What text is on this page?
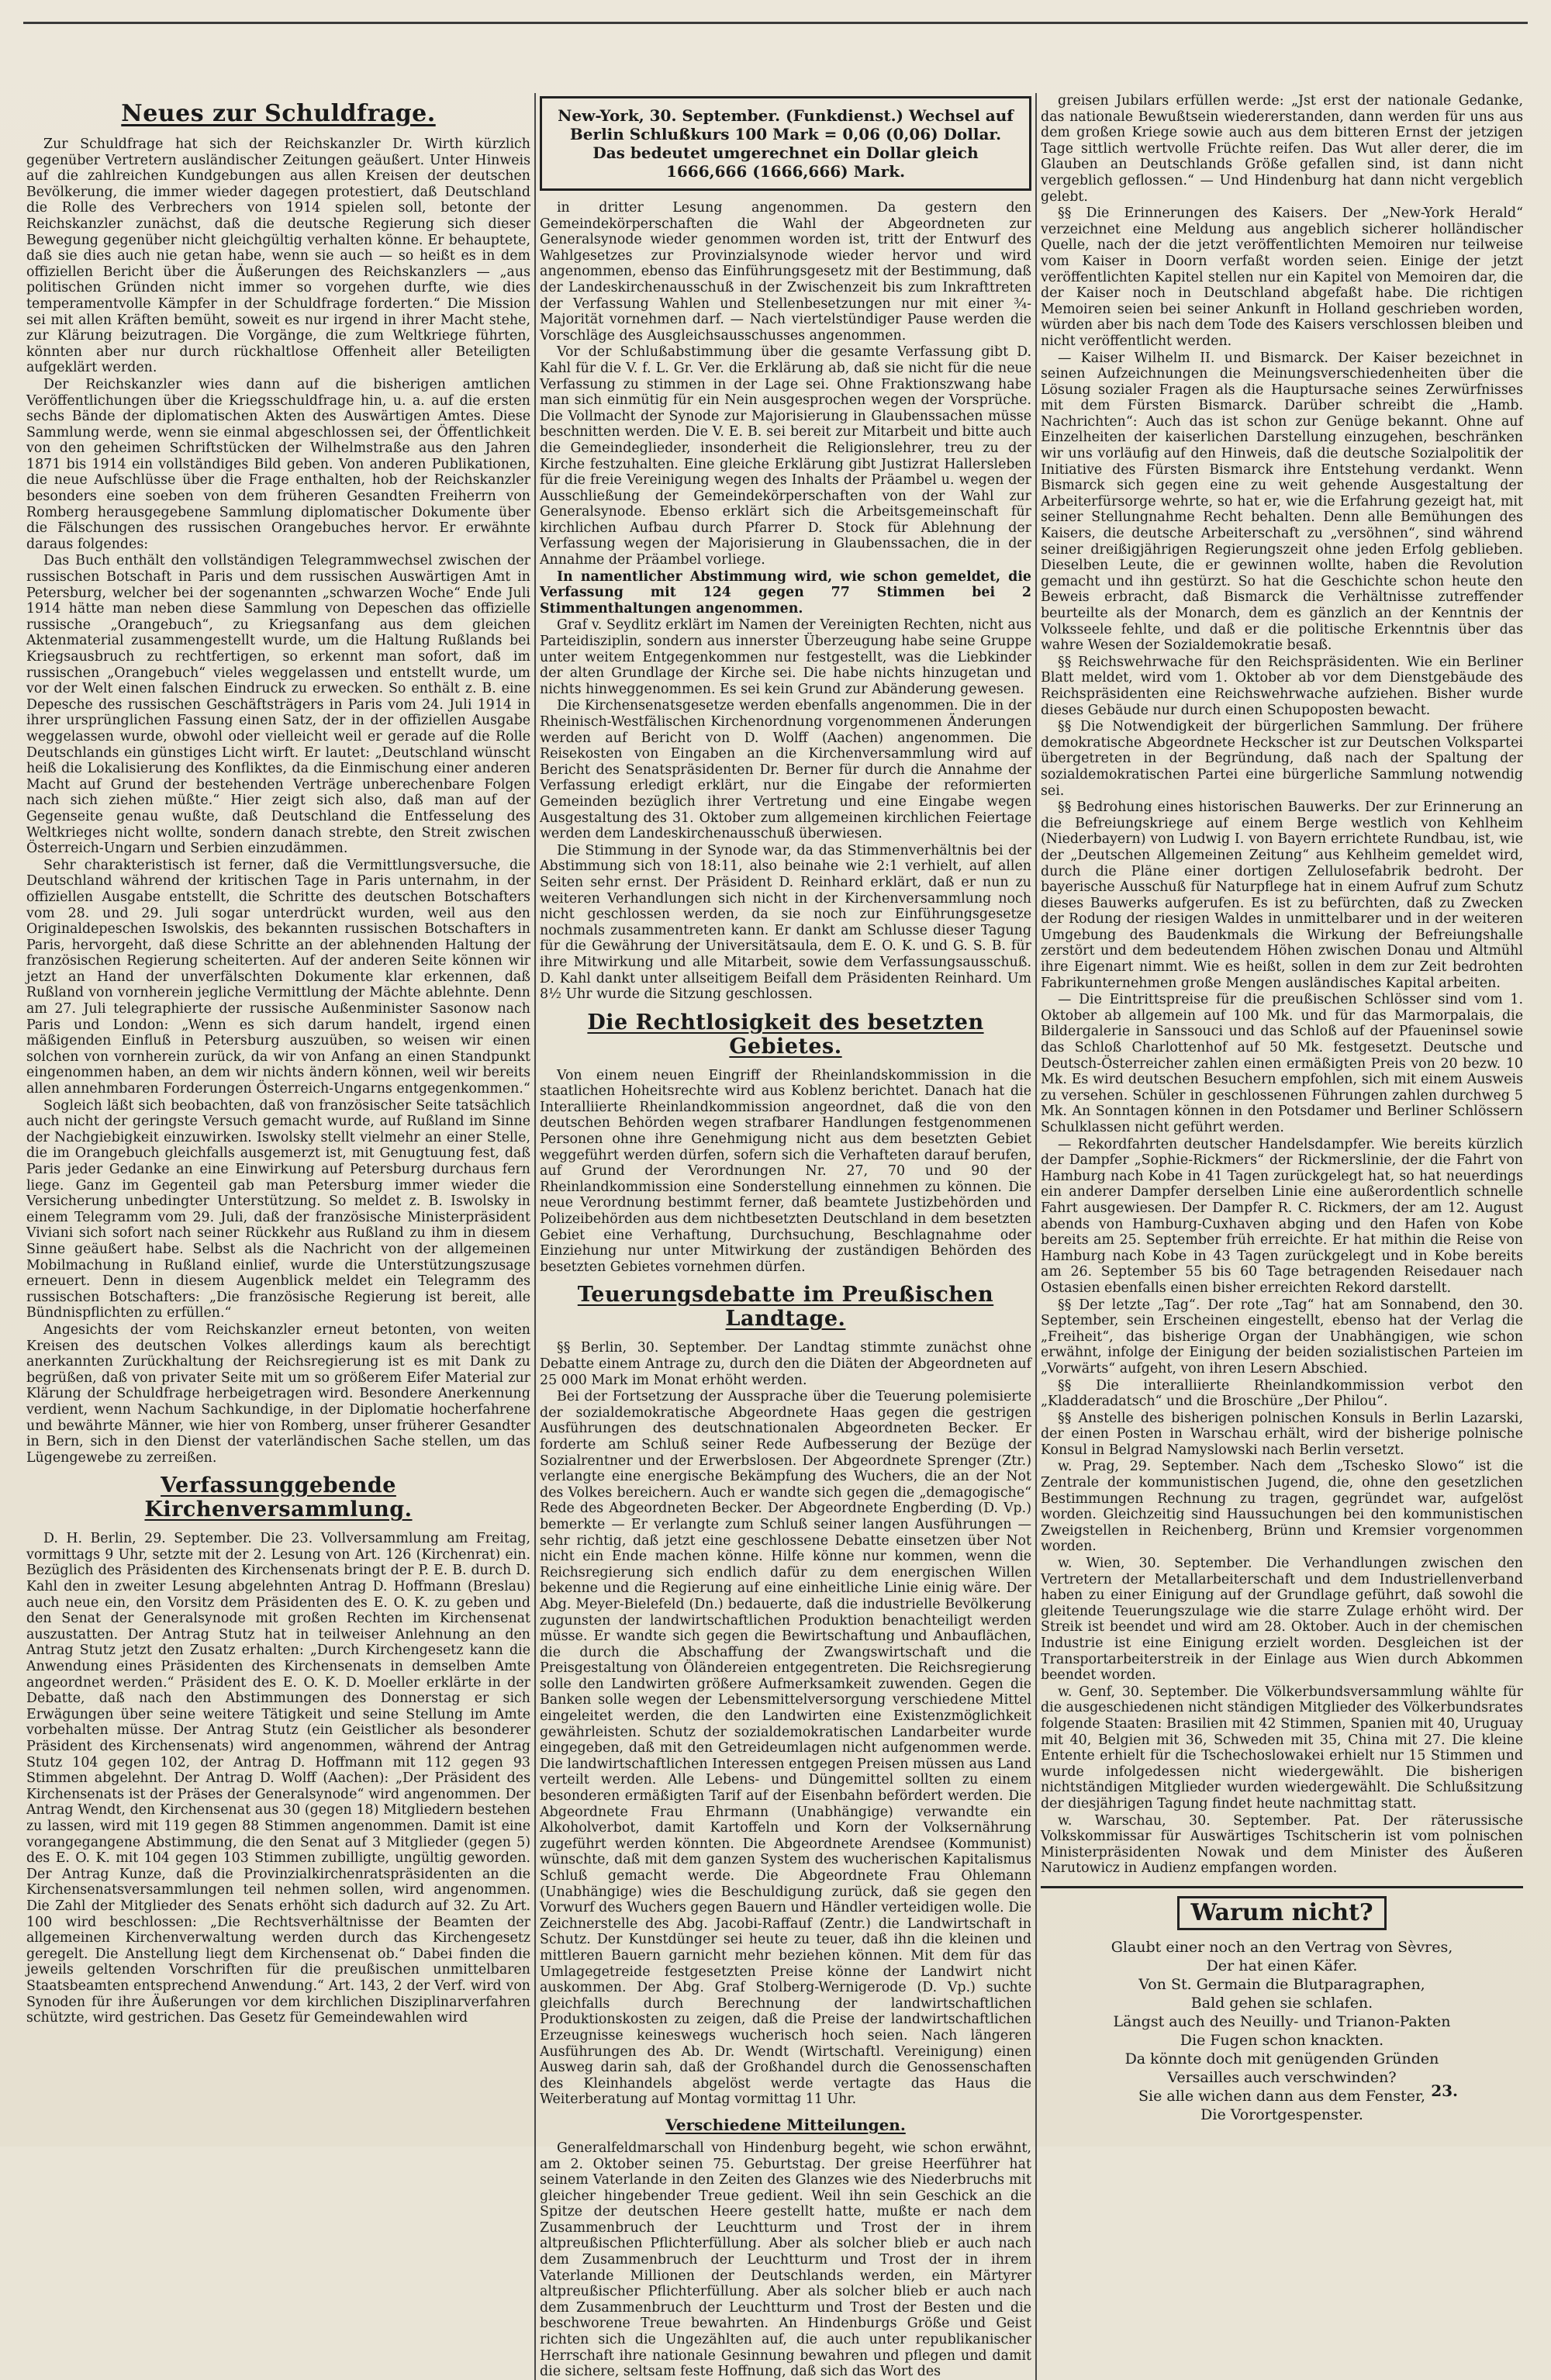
Neues zur Schuldfrage.

Zur Schuldfrage hat sich der Reichskanzler Dr. Wirth kürzlich gegenüber Vertretern ausländischer Zeitungen geäußert. Unter Hinweis auf die zahlreichen Kundgebungen aus allen Kreisen der deutschen Bevölkerung, die immer wieder dagegen protestiert, daß Deutschland die Rolle des Verbrechers von 1914 spielen soll, betonte der Reichskanzler zunächst, daß die deutsche Regierung sich dieser Bewegung gegenüber nicht gleichgültig verhalten könne. Er behauptete, daß sie dies auch nie getan habe, wenn sie auch — so heißt es in dem offiziellen Bericht über die Äußerungen des Reichskanzlers — „aus politischen Gründen nicht immer so vorgehen durfte, wie dies temperamentvolle Kämpfer in der Schuldfrage forderten.“ Die Mission sei mit allen Kräften bemüht, soweit es nur irgend in ihrer Macht stehe, zur Klärung beizutragen. Die Vorgänge, die zum Weltkriege führten, könnten aber nur durch rückhaltlose Offenheit aller Beteiligten aufgeklärt werden.

Der Reichskanzler wies dann auf die bisherigen amtlichen Veröffentlichungen über die Kriegsschuldfrage hin, u. a. auf die ersten sechs Bände der diplomatischen Akten des Auswärtigen Amtes. Diese Sammlung werde, wenn sie einmal abgeschlossen sei, der Öffentlichkeit von den geheimen Schriftstücken der Wilhelmstraße aus den Jahren 1871 bis 1914 ein vollständiges Bild geben. Von anderen Publikationen, die neue Aufschlüsse über die Frage enthalten, hob der Reichskanzler besonders eine soeben von dem früheren Gesandten Freiherrn von Romberg herausgegebene Sammlung diplomatischer Dokumente über die Fälschungen des russischen Orangebuches hervor. Er erwähnte daraus folgendes:

Das Buch enthält den vollständigen Telegrammwechsel zwischen der russischen Botschaft in Paris und dem russischen Auswärtigen Amt in Petersburg, welcher bei der sogenannten „schwarzen Woche“ Ende Juli 1914 hätte man neben diese Sammlung von Depeschen das offizielle russische „Orangebuch“, zu Kriegsanfang aus dem gleichen Aktenmaterial zusammengestellt wurde, um die Haltung Rußlands bei Kriegsausbruch zu rechtfertigen, so erkennt man sofort, daß im russischen „Orangebuch“ vieles weggelassen und entstellt wurde, um vor der Welt einen falschen Eindruck zu erwecken. So enthält z. B. eine Depesche des russischen Geschäftsträgers in Paris vom 24. Juli 1914 in ihrer ursprünglichen Fassung einen Satz, der in der offiziellen Ausgabe weggelassen wurde, obwohl oder vielleicht weil er gerade auf die Rolle Deutschlands ein günstiges Licht wirft. Er lautet: „Deutschland wünscht heiß die Lokalisierung des Konfliktes, da die Einmischung einer anderen Macht auf Grund der bestehenden Verträge unberechenbare Folgen nach sich ziehen müßte.“ Hier zeigt sich also, daß man auf der Gegenseite genau wußte, daß Deutschland die Entfesselung des Weltkrieges nicht wollte, sondern danach strebte, den Streit zwischen Österreich-Ungarn und Serbien einzudämmen.

Sehr charakteristisch ist ferner, daß die Vermittlungsversuche, die Deutschland während der kritischen Tage in Paris unternahm, in der offiziellen Ausgabe entstellt, die Schritte des deutschen Botschafters vom 28. und 29. Juli sogar unterdrückt wurden, weil aus den Originaldepeschen Iswolskis, des bekannten russischen Botschafters in Paris, hervorgeht, daß diese Schritte an der ablehnenden Haltung der französischen Regierung scheiterten. Auf der anderen Seite können wir jetzt an Hand der unverfälschten Dokumente klar erkennen, daß Rußland von vornherein jegliche Vermittlung der Mächte ablehnte. Denn am 27. Juli telegraphierte der russische Außenminister Sasonow nach Paris und London: „Wenn es sich darum handelt, irgend einen mäßigenden Einfluß in Petersburg auszuüben, so weisen wir einen solchen von vornherein zurück, da wir von Anfang an einen Standpunkt eingenommen haben, an dem wir nichts ändern können, weil wir bereits allen annehmbaren Forderungen Österreich-Ungarns entgegenkommen.“

Sogleich läßt sich beobachten, daß von französischer Seite tatsächlich auch nicht der geringste Versuch gemacht wurde, auf Rußland im Sinne der Nachgiebigkeit einzuwirken. Iswolsky stellt vielmehr an einer Stelle, die im Orangebuch gleichfalls ausgemerzt ist, mit Genugtuung fest, daß Paris jeder Gedanke an eine Einwirkung auf Petersburg durchaus fern liege. Ganz im Gegenteil gab man Petersburg immer wieder die Versicherung unbedingter Unterstützung. So meldet z. B. Iswolsky in einem Telegramm vom 29. Juli, daß der französische Ministerpräsident Viviani sich sofort nach seiner Rückkehr aus Rußland zu ihm in diesem Sinne geäußert habe. Selbst als die Nachricht von der allgemeinen Mobilmachung in Rußland einlief, wurde die Unterstützungszusage erneuert. Denn in diesem Augenblick meldet ein Telegramm des russischen Botschafters: „Die französische Regierung ist bereit, alle Bündnispflichten zu erfüllen.“

Angesichts der vom Reichskanzler erneut betonten, von weiten Kreisen des deutschen Volkes allerdings kaum als berechtigt anerkannten Zurückhaltung der Reichsregierung ist es mit Dank zu begrüßen, daß von privater Seite mit um so größerem Eifer Material zur Klärung der Schuldfrage herbeigetragen wird. Besondere Anerkennung verdient, wenn Nachum Sachkundige, in der Diplomatie hocherfahrene und bewährte Männer, wie hier von Romberg, unser früherer Gesandter in Bern, sich in den Dienst der vaterländischen Sache stellen, um das Lügengewebe zu zerreißen.

Verfassunggebende Kirchenversammlung.

D. H. Berlin, 29. September. Die 23. Vollversammlung am Freitag, vormittags 9 Uhr, setzte mit der 2. Lesung von Art. 126 (Kirchenrat) ein. Bezüglich des Präsidenten des Kirchensenats bringt der P. E. B. durch D. Kahl den in zweiter Lesung abgelehnten Antrag D. Hoffmann (Breslau) auch neue ein, den Vorsitz dem Präsidenten des E. O. K. zu geben und den Senat der Generalsynode mit großen Rechten im Kirchensenat auszustatten. Der Antrag Stutz hat in teilweiser Anlehnung an den Antrag Stutz jetzt den Zusatz erhalten: „Durch Kirchengesetz kann die Anwendung eines Präsidenten des Kirchensenats in demselben Amte angeordnet werden.“ Präsident des E. O. K. D. Moeller erklärte in der Debatte, daß nach den Abstimmungen des Donnerstag er sich Erwägungen über seine weitere Tätigkeit und seine Stellung im Amte vorbehalten müsse. Der Antrag Stutz (ein Geistlicher als besonderer Präsident des Kirchensenats) wird angenommen, während der Antrag Stutz 104 gegen 102, der Antrag D. Hoffmann mit 112 gegen 93 Stimmen abgelehnt. Der Antrag D. Wolff (Aachen): „Der Präsident des Kirchensenats ist der Präses der Generalsynode“ wird angenommen. Der Antrag Wendt, den Kirchensenat aus 30 (gegen 18) Mitgliedern bestehen zu lassen, wird mit 119 gegen 88 Stimmen angenommen. Damit ist eine vorangegangene Abstimmung, die den Senat auf 3 Mitglieder (gegen 5) des E. O. K. mit 104 gegen 103 Stimmen zubilligte, ungültig geworden. Der Antrag Kunze, daß die Provinzialkirchenratspräsidenten an die Kirchensenatsversammlungen teil nehmen sollen, wird angenommen. Die Zahl der Mitglieder des Senats erhöht sich dadurch auf 32. Zu Art. 100 wird beschlossen: „Die Rechtsverhältnisse der Beamten der allgemeinen Kirchenverwaltung werden durch das Kirchengesetz geregelt. Die Anstellung liegt dem Kirchensenat ob.“ Dabei finden die jeweils geltenden Vorschriften für die preußischen unmittelbaren Staatsbeamten entsprechend Anwendung.“ Art. 143, 2 der Verf. wird von Synoden für ihre Äußerungen vor dem kirchlichen Disziplinarverfahren schützte, wird gestrichen. Das Gesetz für Gemeindewahlen wird

New-York, 30. September. (Funkdienst.) Wechsel auf Berlin Schlußkurs 100 Mark = 0,06 (0,06) Dollar. Das bedeutet umgerechnet ein Dollar gleich 1666,666 (1666,666) Mark.

in dritter Lesung angenommen. Da gestern den Gemeindekörperschaften die Wahl der Abgeordneten zur Generalsynode wieder genommen worden ist, tritt der Entwurf des Wahlgesetzes zur Provinzialsynode wieder hervor und wird angenommen, ebenso das Einführungsgesetz mit der Bestimmung, daß der Landeskirchenausschuß in der Zwischenzeit bis zum Inkrafttreten der Verfassung Wahlen und Stellenbesetzungen nur mit einer ¾-Majorität vornehmen darf. — Nach viertelstündiger Pause werden die Vorschläge des Ausgleichsausschusses angenommen.

Vor der Schlußabstimmung über die gesamte Verfassung gibt D. Kahl für die V. f. L. Gr. Ver. die Erklärung ab, daß sie nicht für die neue Verfassung zu stimmen in der Lage sei. Ohne Fraktionszwang habe man sich einmütig für ein Nein ausgesprochen wegen der Vorsprüche. Die Vollmacht der Synode zur Majorisierung in Glaubenssachen müsse beschnitten werden. Die V. E. B. sei bereit zur Mitarbeit und bitte auch die Gemeindeglieder, insonderheit die Religionslehrer, treu zu der Kirche festzuhalten. Eine gleiche Erklärung gibt Justizrat Hallersleben für die freie Vereinigung wegen des Inhalts der Präambel u. wegen der Ausschließung der Gemeindekörperschaften von der Wahl zur Generalsynode. Ebenso erklärt sich die Arbeitsgemeinschaft für kirchlichen Aufbau durch Pfarrer D. Stock für Ablehnung der Verfassung wegen der Majorisierung in Glaubenssachen, die in der Annahme der Präambel vorliege.

In namentlicher Abstimmung wird, wie schon gemeldet, die Verfassung mit 124 gegen 77 Stimmen bei 2 Stimmenthaltungen angenommen.

Graf v. Seydlitz erklärt im Namen der Vereinigten Rechten, nicht aus Parteidisziplin, sondern aus innerster Überzeugung habe seine Gruppe unter weitem Entgegenkommen nur festgestellt, was die Liebkinder der alten Grundlage der Kirche sei. Die habe nichts hinzugetan und nichts hinweggenommen. Es sei kein Grund zur Abänderung gewesen.

Die Kirchensenatsgesetze werden ebenfalls angenommen. Die in der Rheinisch-Westfälischen Kirchenordnung vorgenommenen Änderungen werden auf Bericht von D. Wolff (Aachen) angenommen. Die Reisekosten von Eingaben an die Kirchenversammlung wird auf Bericht des Senatspräsidenten Dr. Berner für durch die Annahme der Verfassung erledigt erklärt, nur die Eingabe der reformierten Gemeinden bezüglich ihrer Vertretung und eine Eingabe wegen Ausgestaltung des 31. Oktober zum allgemeinen kirchlichen Feiertage werden dem Landeskirchenausschuß überwiesen.

Die Stimmung in der Synode war, da das Stimmenverhältnis bei der Abstimmung sich von 18:11, also beinahe wie 2:1 verhielt, auf allen Seiten sehr ernst. Der Präsident D. Reinhard erklärt, daß er nun zu weiteren Verhandlungen sich nicht in der Kirchenversammlung noch nicht geschlossen werden, da sie noch zur Einführungsgesetze nochmals zusammentreten kann. Er dankt am Schlusse dieser Tagung für die Gewährung der Universitätsaula, dem E. O. K. und G. S. B. für ihre Mitwirkung und alle Mitarbeit, sowie dem Verfassungsausschuß. D. Kahl dankt unter allseitigem Beifall dem Präsidenten Reinhard. Um 8½ Uhr wurde die Sitzung geschlossen.

Die Rechtlosigkeit des besetzten Gebietes.

Von einem neuen Eingriff der Rheinlandskommission in die staatlichen Hoheitsrechte wird aus Koblenz berichtet. Danach hat die Interalliierte Rheinlandkommission angeordnet, daß die von den deutschen Behörden wegen strafbarer Handlungen festgenommenen Personen ohne ihre Genehmigung nicht aus dem besetzten Gebiet weggeführt werden dürfen, sofern sich die Verhafteten darauf berufen, auf Grund der Verordnungen Nr. 27, 70 und 90 der Rheinlandkommission eine Sonderstellung einnehmen zu können. Die neue Verordnung bestimmt ferner, daß beamtete Justizbehörden und Polizeibehörden aus dem nichtbesetzten Deutschland in dem besetzten Gebiet eine Verhaftung, Durchsuchung, Beschlagnahme oder Einziehung nur unter Mitwirkung der zuständigen Behörden des besetzten Gebietes vornehmen dürfen.

Teuerungsdebatte im Preußischen Landtage.

§§ Berlin, 30. September. Der Landtag stimmte zunächst ohne Debatte einem Antrage zu, durch den die Diäten der Abgeordneten auf 25 000 Mark im Monat erhöht werden.

Bei der Fortsetzung der Aussprache über die Teuerung polemisierte der sozialdemokratische Abgeordnete Haas gegen die gestrigen Ausführungen des deutschnationalen Abgeordneten Becker. Er forderte am Schluß seiner Rede Aufbesserung der Bezüge der Sozialrentner und der Erwerbslosen. Der Abgeordnete Sprenger (Ztr.) verlangte eine energische Bekämpfung des Wuchers, die an der Not des Volkes bereichern. Auch er wandte sich gegen die „demagogische“ Rede des Abgeordneten Becker. Der Abgeordnete Engberding (D. Vp.) bemerkte — Er verlangte zum Schluß seiner langen Ausführungen — sehr richtig, daß jetzt eine geschlossene Debatte einsetzen über Not nicht ein Ende machen könne. Hilfe könne nur kommen, wenn die Reichsregierung sich endlich dafür zu dem energischen Willen bekenne und die Regierung auf eine einheitliche Linie einig wäre. Der Abg. Meyer-Bielefeld (Dn.) bedauerte, daß die industrielle Bevölkerung zugunsten der landwirtschaftlichen Produktion benachteiligt werden müsse. Er wandte sich gegen die Bewirtschaftung und Anbauflächen, die durch die Abschaffung der Zwangswirtschaft und die Preisgestaltung von Öländereien entgegentreten. Die Reichsregierung solle den Landwirten größere Aufmerksamkeit zuwenden. Gegen die Banken solle wegen der Lebensmittelversorgung verschiedene Mittel eingeleitet werden, die den Landwirten eine Existenzmöglichkeit gewährleisten. Schutz der sozialdemokratischen Landarbeiter wurde eingegeben, daß mit den Getreideumlagen nicht aufgenommen werde. Die landwirtschaftlichen Interessen entgegen Preisen müssen aus Land verteilt werden. Alle Lebens- und Düngemittel sollten zu einem besonderen ermäßigten Tarif auf der Eisenbahn befördert werden. Die Abgeordnete Frau Ehrmann (Unabhängige) verwandte ein Alkoholverbot, damit Kartoffeln und Korn der Volksernährung zugeführt werden könnten. Die Abgeordnete Arendsee (Kommunist) wünschte, daß mit dem ganzen System des wucherischen Kapitalismus Schluß gemacht werde. Die Abgeordnete Frau Ohlemann (Unabhängige) wies die Beschuldigung zurück, daß sie gegen den Vorwurf des Wuchers gegen Bauern und Händler verteidigen wolle. Die Zeichnerstelle des Abg. Jacobi-Raffauf (Zentr.) die Landwirtschaft in Schutz. Der Kunstdünger sei heute zu teuer, daß ihn die kleinen und mittleren Bauern garnicht mehr beziehen können. Mit dem für das Umlagegetreide festgesetzten Preise könne der Landwirt nicht auskommen. Der Abg. Graf Stolberg-Wernigerode (D. Vp.) suchte gleichfalls durch Berechnung der landwirtschaftlichen Produktionskosten zu zeigen, daß die Preise der landwirtschaftlichen Erzeugnisse keineswegs wucherisch hoch seien. Nach längeren Ausführungen des Ab. Dr. Wendt (Wirtschaftl. Vereinigung) einen Ausweg darin sah, daß der Großhandel durch die Genossenschaften des Kleinhandels abgelöst werde vertagte das Haus die Weiterberatung auf Montag vormittag 11 Uhr.

Verschiedene Mitteilungen.

Generalfeldmarschall von Hindenburg begeht, wie schon erwähnt, am 2. Oktober seinen 75. Geburtstag. Der greise Heerführer hat seinem Vaterlande in den Zeiten des Glanzes wie des Niederbruchs mit gleicher hingebender Treue gedient. Weil ihn sein Geschick an die Spitze der deutschen Heere gestellt hatte, mußte er nach dem Zusammenbruch der Leuchtturm und Trost der in ihrem altpreußischen Pflichterfüllung. Aber als solcher blieb er auch nach dem Zusammenbruch der Leuchtturm und Trost der in ihrem Vaterlande Millionen der Deutschlands werden, ein Märtyrer altpreußischer Pflichterfüllung. Aber als solcher blieb er auch nach dem Zusammenbruch der Leuchtturm und Trost der Besten und die beschworene Treue bewahrten. An Hindenburgs Größe und Geist richten sich die Ungezählten auf, die auch unter republikanischer Herrschaft ihre nationale Gesinnung bewahren und pflegen und damit die sichere, seltsam feste Hoffnung, daß sich das Wort des

greisen Jubilars erfüllen werde: „Jst erst der nationale Gedanke, das nationale Bewußtsein wiedererstanden, dann werden für uns aus dem großen Kriege sowie auch aus dem bitteren Ernst der jetzigen Tage sittlich wertvolle Früchte reifen. Das Wut aller derer, die im Glauben an Deutschlands Größe gefallen sind, ist dann nicht vergeblich geflossen.“ — Und Hindenburg hat dann nicht vergeblich gelebt.

§§ Die Erinnerungen des Kaisers. Der „New-York Herald“ verzeichnet eine Meldung aus angeblich sicherer holländischer Quelle, nach der die jetzt veröffentlichten Memoiren nur teilweise vom Kaiser in Doorn verfaßt worden seien. Einige der jetzt veröffentlichten Kapitel stellen nur ein Kapitel von Memoiren dar, die der Kaiser noch in Deutschland abgefaßt habe. Die richtigen Memoiren seien bei seiner Ankunft in Holland geschrieben worden, würden aber bis nach dem Tode des Kaisers verschlossen bleiben und nicht veröffentlicht werden.

— Kaiser Wilhelm II. und Bismarck. Der Kaiser bezeichnet in seinen Aufzeichnungen die Meinungsverschiedenheiten über die Lösung sozialer Fragen als die Hauptursache seines Zerwürfnisses mit dem Fürsten Bismarck. Darüber schreibt die „Hamb. Nachrichten“: Auch das ist schon zur Genüge bekannt. Ohne auf Einzelheiten der kaiserlichen Darstellung einzugehen, beschränken wir uns vorläufig auf den Hinweis, daß die deutsche Sozialpolitik der Initiative des Fürsten Bismarck ihre Entstehung verdankt. Wenn Bismarck sich gegen eine zu weit gehende Ausgestaltung der Arbeiterfürsorge wehrte, so hat er, wie die Erfahrung gezeigt hat, mit seiner Stellungnahme Recht behalten. Denn alle Bemühungen des Kaisers, die deutsche Arbeiterschaft zu „versöhnen“, sind während seiner dreißigjährigen Regierungszeit ohne jeden Erfolg geblieben. Dieselben Leute, die er gewinnen wollte, haben die Revolution gemacht und ihn gestürzt. So hat die Geschichte schon heute den Beweis erbracht, daß Bismarck die Verhältnisse zutreffender beurteilte als der Monarch, dem es gänzlich an der Kenntnis der Volksseele fehlte, und daß er die politische Erkenntnis über das wahre Wesen der Sozialdemokratie besaß.

§§ Reichswehrwache für den Reichspräsidenten. Wie ein Berliner Blatt meldet, wird vom 1. Oktober ab vor dem Dienstgebäude des Reichspräsidenten eine Reichswehrwache aufziehen. Bisher wurde dieses Gebäude nur durch einen Schupoposten bewacht.

§§ Die Notwendigkeit der bürgerlichen Sammlung. Der frühere demokratische Abgeordnete Heckscher ist zur Deutschen Volkspartei übergetreten in der Begründung, daß nach der Spaltung der sozialdemokratischen Partei eine bürgerliche Sammlung notwendig sei.

§§ Bedrohung eines historischen Bauwerks. Der zur Erinnerung an die Befreiungskriege auf einem Berge westlich von Kehlheim (Niederbayern) von Ludwig I. von Bayern errichtete Rundbau, ist, wie der „Deutschen Allgemeinen Zeitung“ aus Kehlheim gemeldet wird, durch die Pläne einer dortigen Zellulosefabrik bedroht. Der bayerische Ausschuß für Naturpflege hat in einem Aufruf zum Schutz dieses Bauwerks aufgerufen. Es ist zu befürchten, daß zu Zwecken der Rodung der riesigen Waldes in unmittelbarer und in der weiteren Umgebung des Baudenkmals die Wirkung der Befreiungshalle zerstört und dem bedeutendem Höhen zwischen Donau und Altmühl ihre Eigenart nimmt. Wie es heißt, sollen in dem zur Zeit bedrohten Fabrikunternehmen große Mengen ausländisches Kapital arbeiten.

— Die Eintrittspreise für die preußischen Schlösser sind vom 1. Oktober ab allgemein auf 100 Mk. und für das Marmorpalais, die Bildergalerie in Sanssouci und das Schloß auf der Pfaueninsel sowie das Schloß Charlottenhof auf 50 Mk. festgesetzt. Deutsche und Deutsch-Österreicher zahlen einen ermäßigten Preis von 20 bezw. 10 Mk. Es wird deutschen Besuchern empfohlen, sich mit einem Ausweis zu versehen. Schüler in geschlossenen Führungen zahlen durchweg 5 Mk. An Sonntagen können in den Potsdamer und Berliner Schlössern Schulklassen nicht geführt werden.

— Rekordfahrten deutscher Handelsdampfer. Wie bereits kürzlich der Dampfer „Sophie-Rickmers“ der Rickmerslinie, der die Fahrt von Hamburg nach Kobe in 41 Tagen zurückgelegt hat, so hat neuerdings ein anderer Dampfer derselben Linie eine außerordentlich schnelle Fahrt ausgewiesen. Der Dampfer R. C. Rickmers, der am 12. August abends von Hamburg-Cuxhaven abging und den Hafen von Kobe bereits am 25. September früh erreichte. Er hat mithin die Reise von Hamburg nach Kobe in 43 Tagen zurückgelegt und in Kobe bereits am 26. September 55 bis 60 Tage betragenden Reisedauer nach Ostasien ebenfalls einen bisher erreichten Rekord darstellt.

§§ Der letzte „Tag“. Der rote „Tag“ hat am Sonnabend, den 30. September, sein Erscheinen eingestellt, ebenso hat der Verlag die „Freiheit“, das bisherige Organ der Unabhängigen, wie schon erwähnt, infolge der Einigung der beiden sozialistischen Parteien im „Vorwärts“ aufgeht, von ihren Lesern Abschied.

§§ Die interalliierte Rheinlandkommission verbot den „Kladderadatsch“ und die Broschüre „Der Philou“.

§§ Anstelle des bisherigen polnischen Konsuls in Berlin Lazarski, der einen Posten in Warschau erhält, wird der bisherige polnische Konsul in Belgrad Namyslowski nach Berlin versetzt.

w. Prag, 29. September. Nach dem „Tschesko Slowo“ ist die Zentrale der kommunistischen Jugend, die, ohne den gesetzlichen Bestimmungen Rechnung zu tragen, gegründet war, aufgelöst worden. Gleichzeitig sind Haussuchungen bei den kommunistischen Zweigstellen in Reichenberg, Brünn und Kremsier vorgenommen worden.

w. Wien, 30. September. Die Verhandlungen zwischen den Vertretern der Metallarbeiterschaft und dem Industriellenverband haben zu einer Einigung auf der Grundlage geführt, daß sowohl die gleitende Teuerungszulage wie die starre Zulage erhöht wird. Der Streik ist beendet und wird am 28. Oktober. Auch in der chemischen Industrie ist eine Einigung erzielt worden. Desgleichen ist der Transportarbeiterstreik in der Einlage aus Wien durch Abkommen beendet worden.

w. Genf, 30. September. Die Völkerbundsversammlung wählte für die ausgeschiedenen nicht ständigen Mitglieder des Völkerbundsrates folgende Staaten: Brasilien mit 42 Stimmen, Spanien mit 40, Uruguay mit 40, Belgien mit 36, Schweden mit 35, China mit 27. Die kleine Entente erhielt für die Tschechoslowakei erhielt nur 15 Stimmen und wurde infolgedessen nicht wiedergewählt. Die bisherigen nichtständigen Mitglieder wurden wiedergewählt. Die Schlußsitzung der diesjährigen Tagung findet heute nachmittag statt.

w. Warschau, 30. September. Pat. Der räterussische Volkskommissar für Auswärtiges Tschitscherin ist vom polnischen Ministerpräsidenten Nowak und dem Minister des Äußeren Narutowicz in Audienz empfangen worden.

Warum nicht?
Glaubt einer noch an den Vertrag von Sèvres,
Der hat einen Käfer.
Von St. Germain die Blutparagraphen,
Bald gehen sie schlafen.
Längst auch des Neuilly- und Trianon-Pakten
Die Fugen schon knackten.
Da könnte doch mit genügenden Gründen
Versailles auch verschwinden?
Sie alle wichen dann aus dem Fenster,
Die Vorortgespenster.
23.
